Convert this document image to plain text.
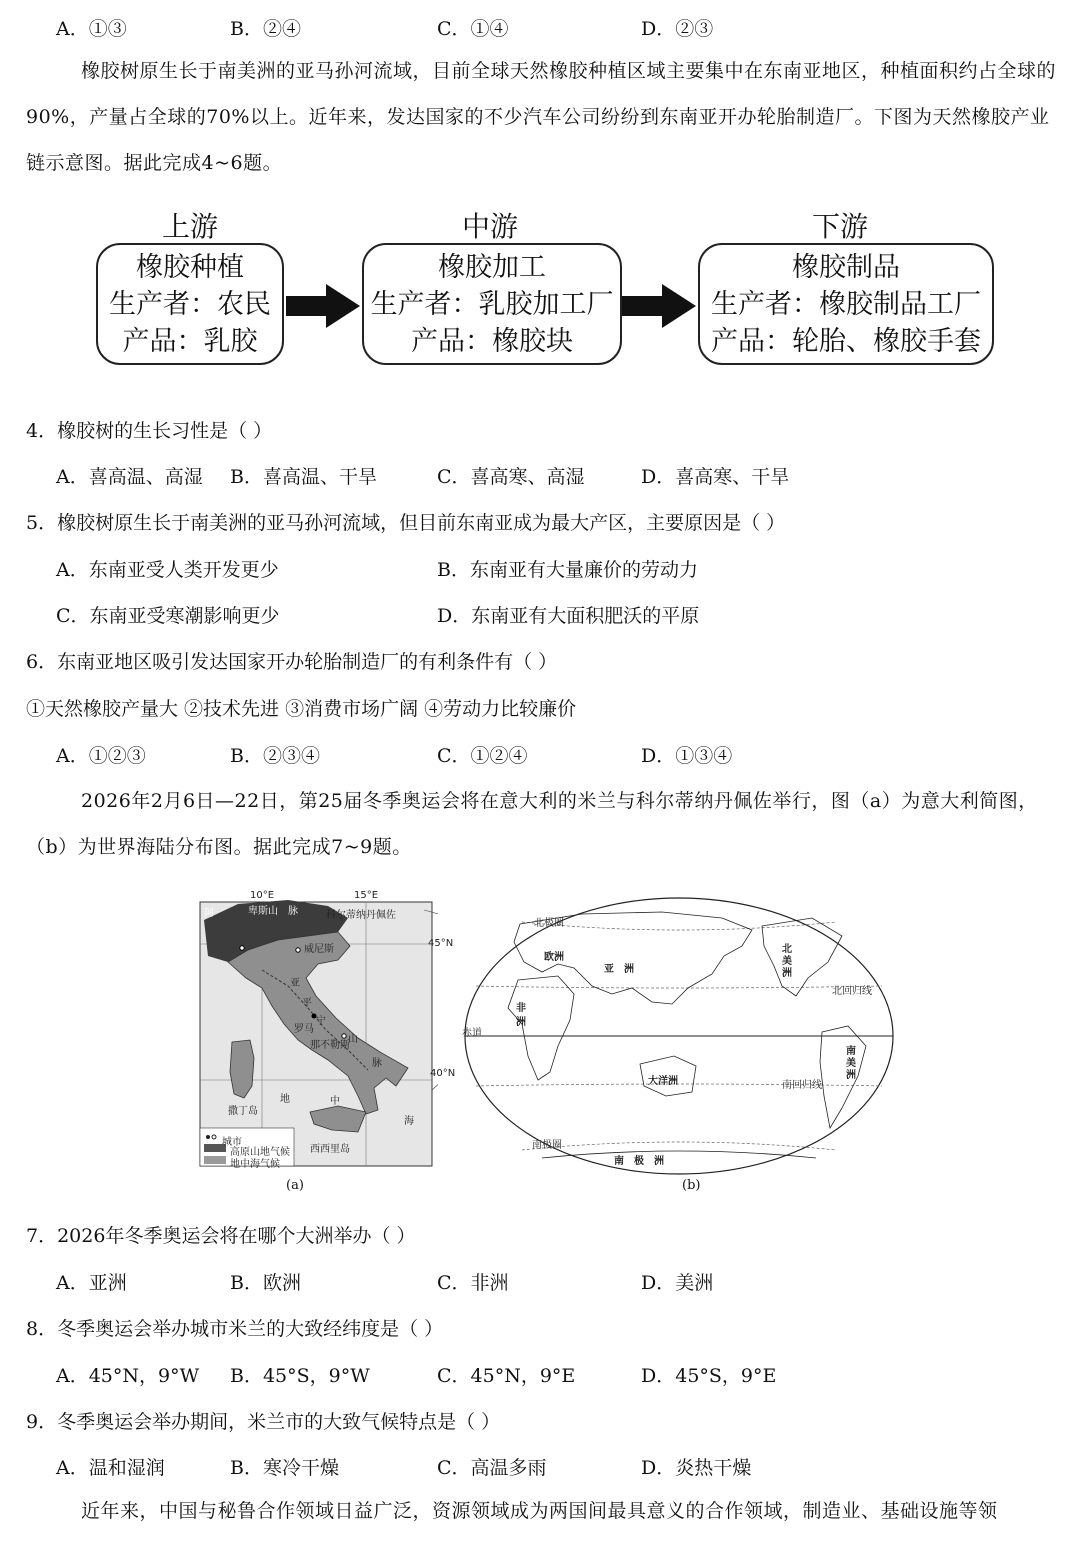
A．①③	B．②④	C．①④	D．②③
橡胶树原生长于南美洲的亚马孙河流域，目前全球天然橡胶种植区域主要集中在东南亚地区，种植面积约占全球的90%，产量占全球的70%以上。近年来，发达国家的不少汽车公司纷纷到东南亚开办轮胎制造厂。下图为天然橡胶产业链示意图。据此完成4~6题。
上游	中游	下游
橡胶种植
生产者：农民
产品：乳胶
橡胶加工
生产者：乳胶加工厂
产品：橡胶块
橡胶制品
生产者：橡胶制品工厂
产品：轮胎、橡胶手套
4．橡胶树的生长习性是（ ）
A．喜高温、高湿 B．喜高温、干旱	C．喜高寒、高湿	D．喜高寒、干旱
5．橡胶树原生长于南美洲的亚马孙河流域，但目前东南亚成为最大产区，主要原因是（ ）
A．东南亚受人类开发更少	B．东南亚有大量廉价的劳动力
C．东南亚受寒潮影响更少	D．东南亚有大面积肥沃的平原
6．东南亚地区吸引发达国家开办轮胎制造厂的有利条件有（ ）
①天然橡胶产量大 ②技术先进 ③消费市场广阔 ④劳动力比较廉价
A．①②③	B．②③④	C．①②④	D．①③④
2026年2月6日—22日，第25届冬季奥运会将在意大利的米兰与科尔蒂纳丹佩佐举行，图（a）为意大利简图，（b）为世界海陆分布图。据此完成7~9题。
10°E	15°E
阿	卑斯山 脉	科尔蒂纳丹佩佐
45°N
威尼斯
亚
平
宁
罗马
那不勒斯
山
脉
40°N
撒丁岛
地	中
海
西西里岛
城市
高原山地气候
地中海气候
(a)
北极圈
欧洲
亚　洲
北美洲
北回归线
非洲
赤道
大洋洲	南回归线
南美洲
南极圈
南　极　洲
(b)
7．2026年冬季奥运会将在哪个大洲举办（ ）
A．亚洲	B．欧洲	C．非洲	D．美洲
8．冬季奥运会举办城市米兰的大致经纬度是（ ）
A．45°N，9°W B．45°S，9°W	C．45°N，9°E	D．45°S，9°E
9．冬季奥运会举办期间，米兰市的大致气候特点是（ ）
A．温和湿润	B．寒冷干燥	C．高温多雨	D．炎热干燥
近年来，中国与秘鲁合作领域日益广泛，资源领域成为两国间最具意义的合作领域，制造业、基础设施等领
